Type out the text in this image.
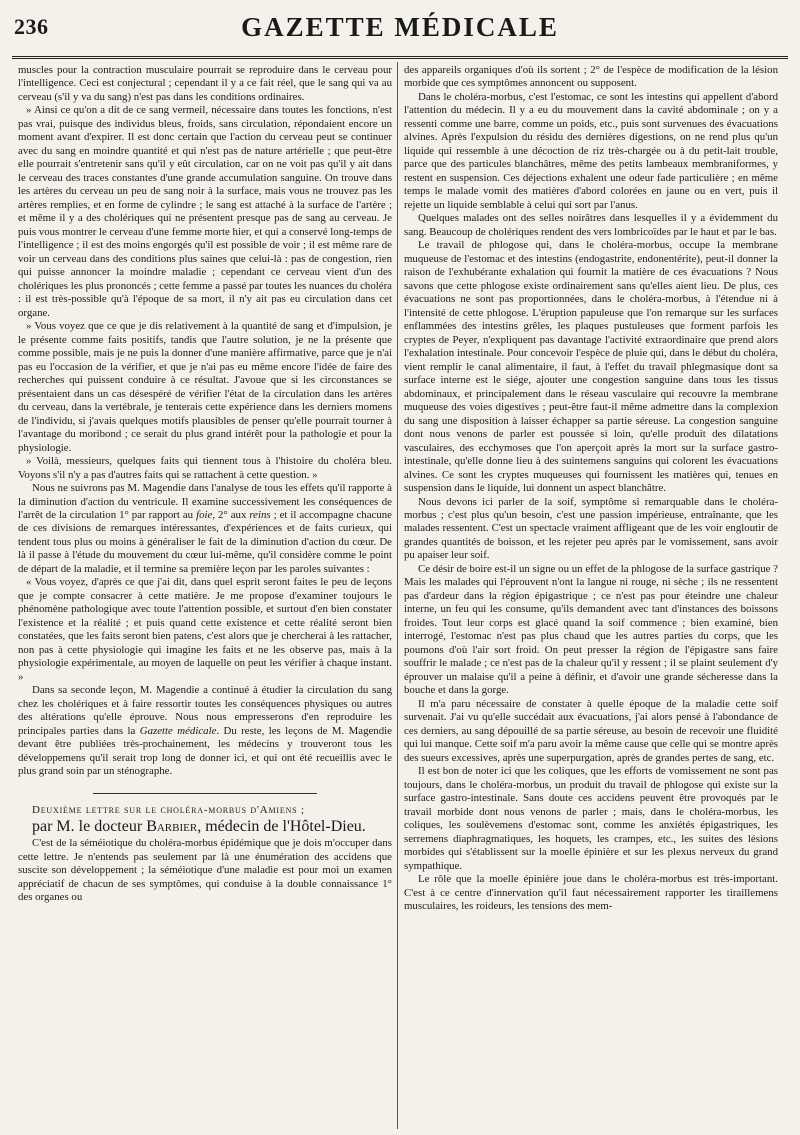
236	GAZETTE MÉDICALE

muscles pour la contraction musculaire pourrait se reproduire dans le cerveau pour l'intelligence. Ceci est conjectural ; cependant il y a ce fait réel, que le sang qui va au cerveau (s'il y va du sang) n'est pas dans les conditions ordinaires.

» Ainsi ce qu'on a dit de ce sang vermeil, nécessaire dans toutes les fonctions, n'est pas vrai, puisque des individus bleus, froids, sans circulation, répondaient encore un moment avant d'expirer. Il est donc certain que l'action du cerveau peut se continuer avec du sang en moindre quantité et qui n'est pas de nature artérielle ; que peut-être elle pourrait s'entretenir sans qu'il y eût circulation, car on ne voit pas qu'il y ait dans le cerveau des traces constantes d'une grande accumulation sanguine. On trouve dans les artères du cerveau un peu de sang noir à la surface, mais vous ne trouvez pas les artères remplies, et en forme de cylindre ; le sang est attaché à la surface de l'artère ; et même il y a des cholériques qui ne présentent presque pas de sang au cerveau. Je puis vous montrer le cerveau d'une femme morte hier, et qui a conservé long-temps de l'intelligence ; il est des moins engorgés qu'il est possible de voir ; il est même rare de voir un cerveau dans des conditions plus saines que celui-là : pas de congestion, rien qui puisse annoncer la moindre maladie ; cependant ce cerveau vient d'un des cholériques les plus prononcés ; cette femme a passé par toutes les nuances du choléra : il est très-possible qu'à l'époque de sa mort, il n'y ait pas eu circulation dans cet organe.

» Vous voyez que ce que je dis relativement à la quantité de sang et d'impulsion, je le présente comme faits positifs, tandis que l'autre solution, je ne la présente que comme possible, mais je ne puis la donner d'une manière affirmative, parce que je n'ai pas eu l'occasion de la vérifier, et que je n'ai pas eu même encore l'idée de faire des recherches qui puissent conduire à ce résultat. J'avoue que si les circonstances se présentaient dans un cas désespéré de vérifier l'état de la circulation dans les artères du cerveau, dans la vertébrale, je tenterais cette expérience dans les derniers momens de l'individu, si j'avais quelques motifs plausibles de penser qu'elle pourrait tourner à l'avantage du moribond ; ce serait du plus grand intérêt pour la pathologie et pour la physiologie.

» Voilà, messieurs, quelques faits qui tiennent tous à l'histoire du choléra bleu. Voyons s'il n'y a pas d'autres faits qui se rattachent à cette question. »

Nous ne suivrons pas M. Magendie dans l'analyse de tous les effets qu'il rapporte à la diminution d'action du ventricule. Il examine successivement les conséquences de l'arrêt de la circulation 1° par rapport au foie, 2° aux reins ; et il accompagne chacune de ces divisions de remarques intéressantes, d'expériences et de faits curieux, qui tendent tous plus ou moins à généraliser le fait de la diminution d'action du cœur. De là il passe à l'étude du mouvement du cœur lui-même, qu'il considère comme le point de départ de la maladie, et il termine sa première leçon par les paroles suivantes :

« Vous voyez, d'après ce que j'ai dit, dans quel esprit seront faites le peu de leçons que je compte consacrer à cette matière. Je me propose d'examiner toujours le phénomène pathologique avec toute l'attention possible, et surtout d'en bien constater l'existence et la réalité ; et puis quand cette existence et cette réalité seront bien constatées, que les faits seront bien patens, c'est alors que je chercherai à les rattacher, non pas à cette physiologie qui imagine les faits et ne les observe pas, mais à la physiologie expérimentale, au moyen de laquelle on peut les vérifier à chaque instant. »

Dans sa seconde leçon, M. Magendie a continué à étudier la circulation du sang chez les cholériques et à faire ressortir toutes les conséquences physiques ou autres des altérations qu'elle éprouve. Nous nous empresserons d'en reproduire les principales parties dans la Gazette médicale. Du reste, les leçons de M. Magendie devant être publiées très-prochainement, les médecins y trouveront tous les développemens qu'il serait trop long de donner ici, et qui ont été recueillis avec le plus grand soin par un sténographe.

Deuxième lettre sur le choléra-morbus d'Amiens ;

par M. le docteur Barbier, médecin de l'Hôtel-Dieu.

C'est de la séméiotique du choléra-morbus épidémique que je dois m'occuper dans cette lettre. Je n'entends pas seulement par là une énumération des accidens que suscite son développement ; la séméiotique d'une maladie est pour moi un examen appréciatif de chacun de ses symptômes, qui conduise à la double connaissance 1° des organes ou

des appareils organiques d'où ils sortent ; 2° de l'espèce de modification de la lésion morbide que ces symptômes annoncent ou supposent.

Dans le choléra-morbus, c'est l'estomac, ce sont les intestins qui appellent d'abord l'attention du médecin. Il y a eu du mouvement dans la cavité abdominale ; on y a ressenti comme une barre, comme un poids, etc., puis sont survenues des évacuations alvines. Après l'expulsion du résidu des dernières digestions, on ne rend plus qu'un liquide qui ressemble à une décoction de riz très-chargée ou à du petit-lait trouble, parce que des particules blanchâtres, même des petits lambeaux membraniformes, y restent en suspension. Ces déjections exhalent une odeur fade particulière ; en même temps le malade vomit des matières d'abord colorées en jaune ou en vert, puis il rejette un liquide semblable à celui qui sort par l'anus.

Quelques malades ont des selles noirâtres dans lesquelles il y a évidemment du sang. Beaucoup de cholériques rendent des vers lombricoïdes par le haut et par le bas.

Le travail de phlogose qui, dans le choléra-morbus, occupe la membrane muqueuse de l'estomac et des intestins (endogastrite, endonentérite), peut-il donner la raison de l'exhubérante exhalation qui fournit la matière de ces évacuations ? Nous savons que cette phlogose existe ordinairement sans qu'elles aient lieu. De plus, ces évacuations ne sont pas proportionnées, dans le choléra-morbus, à l'étendue ni à l'intensité de cette phlogose. L'éruption papuleuse que l'on remarque sur les surfaces enflammées des intestins grêles, les plaques pustuleuses que forment parfois les cryptes de Peyer, n'expliquent pas davantage l'activité extraordinaire que prend alors l'exhalation intestinale. Pour concevoir l'espèce de pluie qui, dans le début du choléra, vient remplir le canal alimentaire, il faut, à l'effet du travail phlegmasique dont sa surface interne est le siége, ajouter une congestion sanguine dans tous les tissus abdominaux, et principalement dans le réseau vasculaire qui recouvre la membrane muqueuse des voies digestives ; peut-être faut-il même admettre dans la complexion du sang une disposition à laisser échapper sa partie séreuse. La congestion sanguine dont nous venons de parler est poussée si loin, qu'elle produit des dilatations vasculaires, des ecchymoses que l'on aperçoit après la mort sur la surface gastro-intestinale, qu'elle donne lieu à des suintemens sanguins qui colorent les évacuations alvines. Ce sont les cryptes muqueuses qui fournissent les matières qui, tenues en suspension dans le liquide, lui donnent un aspect blanchâtre.

Nous devons ici parler de la soif, symptôme si remarquable dans le choléra-morbus ; c'est plus qu'un besoin, c'est une passion impérieuse, entraînante, que les malades ressentent. C'est un spectacle vraiment affligeant que de les voir engloutir de grandes quantités de boisson, et les rejeter peu après par le vomissement, sans avoir pu apaiser leur soif.

Ce désir de boire est-il un signe ou un effet de la phlogose de la surface gastrique ? Mais les malades qui l'éprouvent n'ont la langue ni rouge, ni sèche ; ils ne ressentent pas d'ardeur dans la région épigastrique ; ce n'est pas pour éteindre une chaleur interne, un feu qui les consume, qu'ils demandent avec tant d'instances des boissons froides. Tout leur corps est glacé quand la soif commence ; bien examiné, bien interrogé, l'estomac n'est pas plus chaud que les autres parties du corps, que les poumons d'où l'air sort froid. On peut presser la région de l'épigastre sans faire souffrir le malade ; ce n'est pas de la chaleur qu'il y ressent ; il se plaint seulement d'y éprouver un malaise qu'il a peine à définir, et d'avoir une grande sécheresse dans la bouche et dans la gorge.

Il m'a paru nécessaire de constater à quelle époque de la maladie cette soif survenait. J'ai vu qu'elle succédait aux évacuations, j'ai alors pensé à l'abondance de ces derniers, au sang dépouillé de sa partie séreuse, au besoin de recevoir une fluidité qui lui manque. Cette soif m'a paru avoir la même cause que celle qui se montre après des sueurs excessives, après une superpurgation, après de grandes pertes de sang, etc.

Il est bon de noter ici que les coliques, que les efforts de vomissement ne sont pas toujours, dans le choléra-morbus, un produit du travail de phlogose qui existe sur la surface gastro-intestinale. Sans doute ces accidens peuvent être provoqués par le travail morbide dont nous venons de parler ; mais, dans le choléra-morbus, les coliques, les soulèvemens d'estomac sont, comme les anxiétés épigastriques, les serremens diaphragmatiques, les hoquets, les crampes, etc., les suites des lésions morbides qui s'établissent sur la moelle épinière et sur les plexus nerveux du grand sympathique.

Le rôle que la moelle épinière joue dans le choléra-morbus est très-important. C'est à ce centre d'innervation qu'il faut nécessairement rapporter les tiraillemens musculaires, les roideurs, les tensions des mem-
